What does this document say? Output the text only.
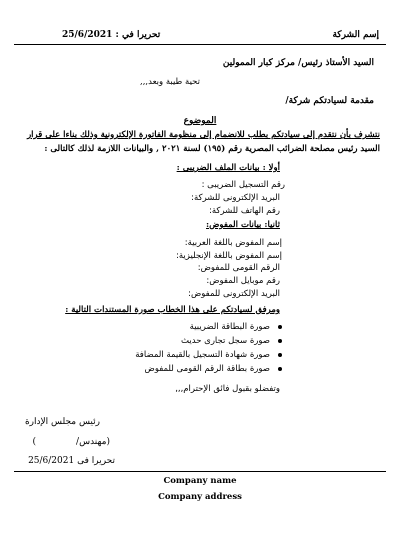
إسم الشركة
تحريرا في : 25/6/2021
السيد الأستاذ رئيس/ مركز كبار الممولين
تحية طيبة وبعد,,,
مقدمة لسيادتكم شركة/
الموضوع
نتشرف بأن نتقدم إلى سيادتكم بطلب للانضمام إلى منظومة الفاتورة الإلكترونية وذلك بناءا على قرار
السيد رئيس مصلحة الضرائب المصرية رقم (١٩٥) لسنة ٢٠٢١ , والبيانات اللازمة لذلك كالتالى :
أولا : بيانات الملف الضريبى :
رقم التسجيل الضريبى :
البريد الإلكترونى للشركة:
رقم الهاتف للشركة:
ثانيا: بيانات المفوض:
إسم المفوض باللغة العربية:
إسم المفوض باللغة الإنجليزية:
الرقم القومى للمفوض:
رقم موبايل المفوض:
البريد الإلكترونى للمفوض:
ومرفق لسيادتكم على هذا الخطاب صورة المستندات التالية :
صورة البطاقة الضريبية
صورة سجل تجارى حديث
صورة شهادة التسجيل بالقيمة المضافة
صورة بطاقة الرقم القومى للمفوض
وتفضلو بقبول فائق الإحترام,,,
رئيس مجلس الإدارة
(مهندس/              )
تحريرا فى 25/6/2021
Company name
Company address
